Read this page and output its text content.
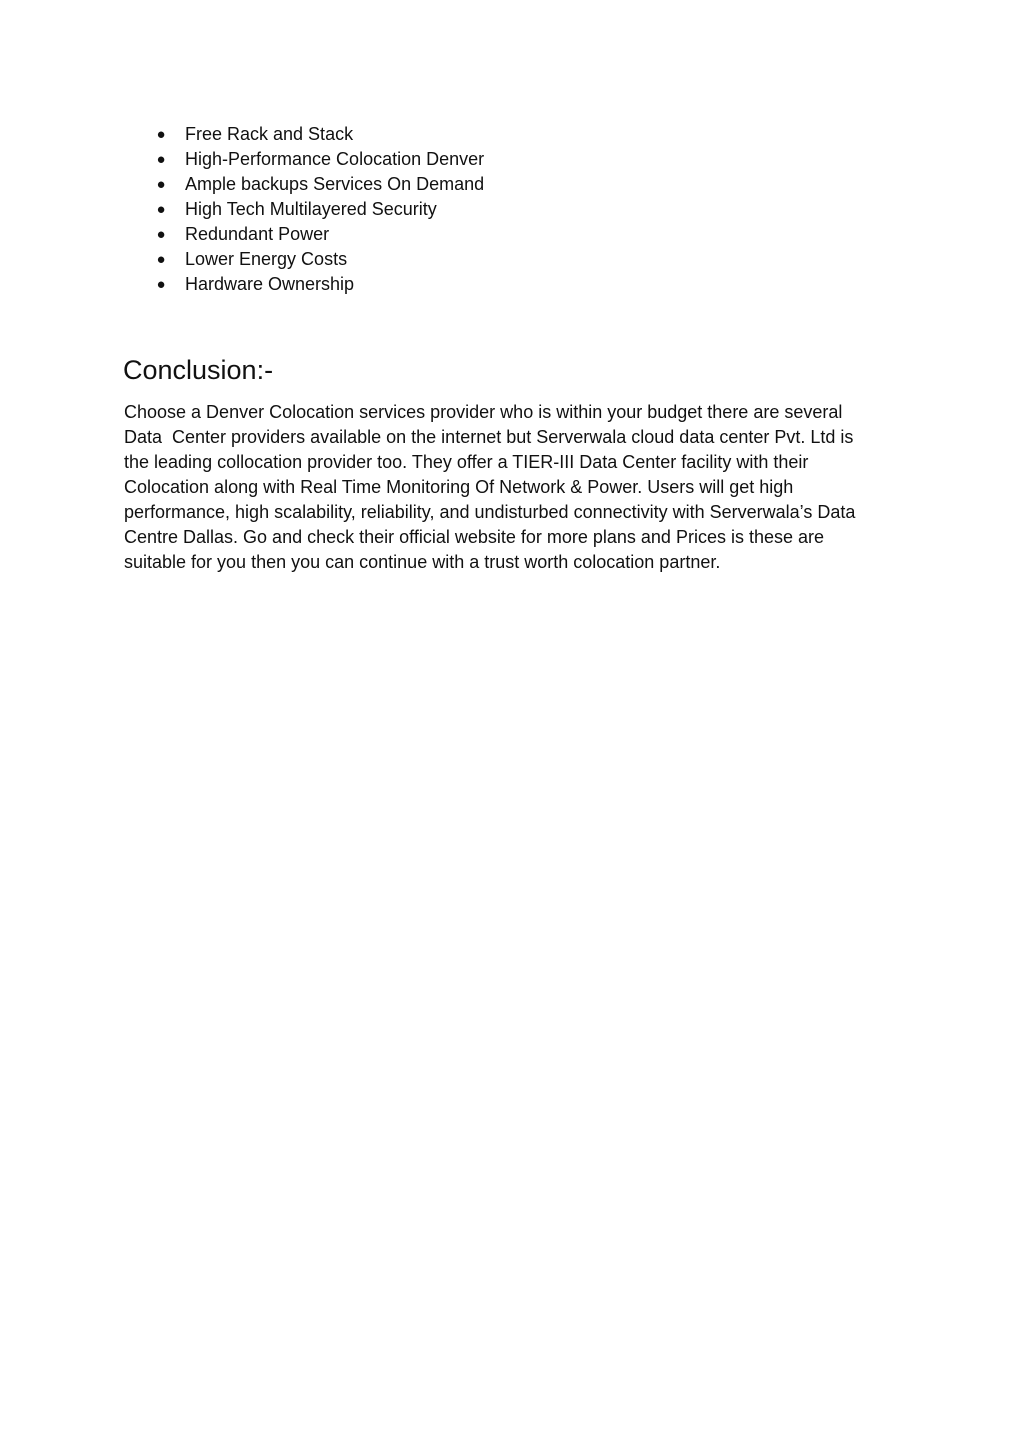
● Free Rack and Stack
● High-Performance Colocation Denver
● Ample backups Services On Demand
● High Tech Multilayered Security
● Redundant Power
● Lower Energy Costs
● Hardware Ownership
Conclusion:-

Choose a Denver Colocation services provider who is within your budget there are several
Data  Center providers available on the internet but Serverwala cloud data center Pvt. Ltd is
the leading collocation provider too. They offer a TIER-III Data Center facility with their
Colocation along with Real Time Monitoring Of Network & Power. Users will get high
performance, high scalability, reliability, and undisturbed connectivity with Serverwala’s Data
Centre Dallas. Go and check their official website for more plans and Prices is these are
suitable for you then you can continue with a trust worth colocation partner.
